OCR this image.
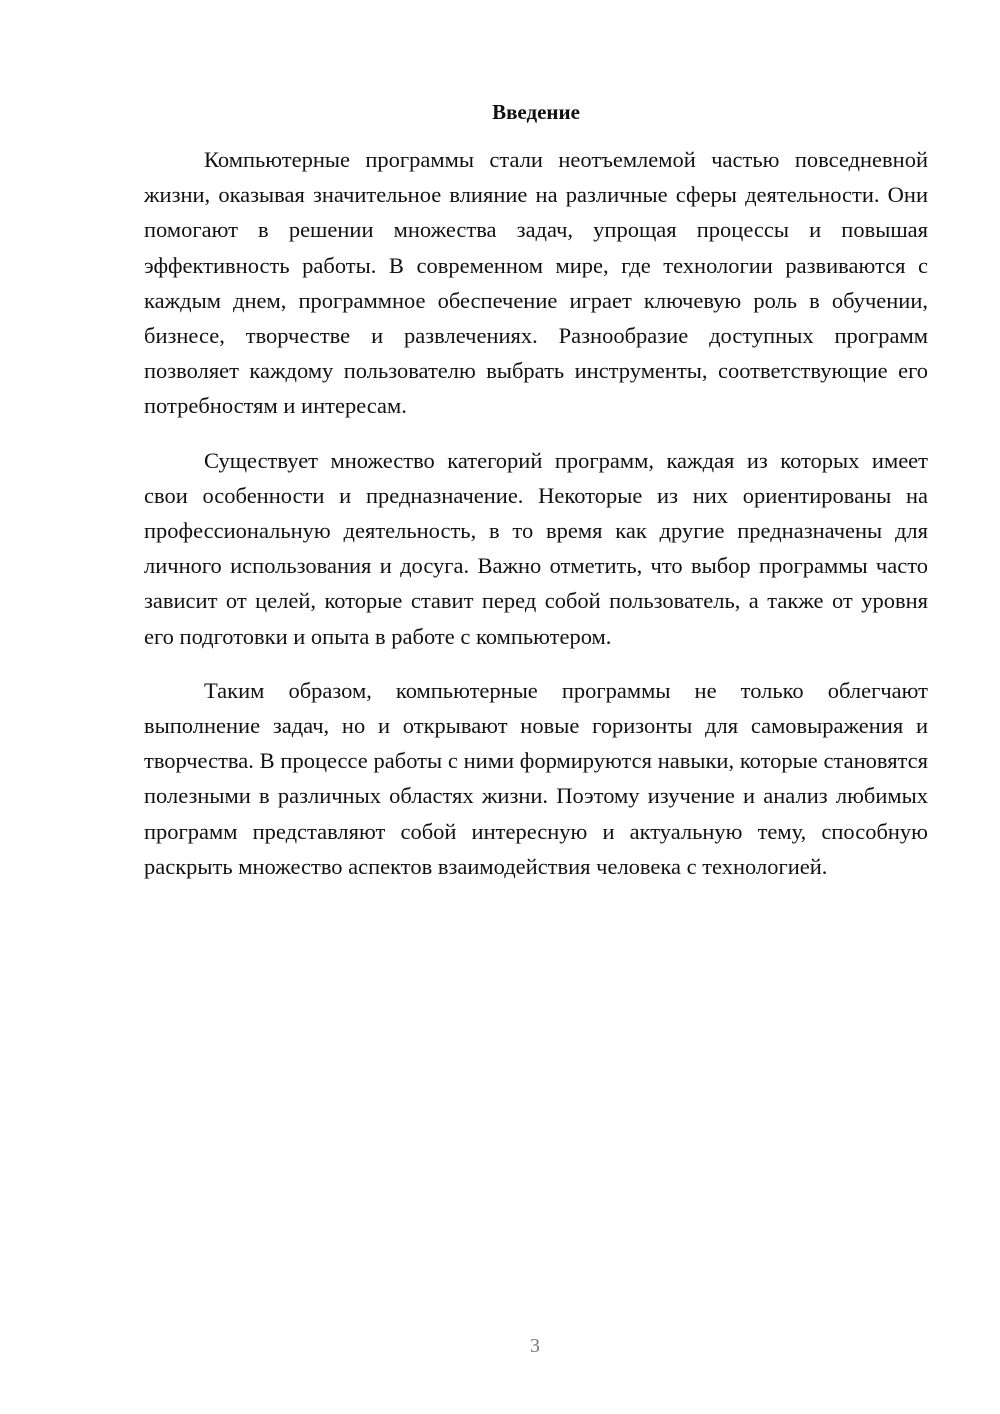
Введение

Компьютерные программы стали неотъемлемой частью повседневной жизни, оказывая значительное влияние на различные сферы деятельности. Они помогают в решении множества задач, упрощая процессы и повышая эффективность работы. В современном мире, где технологии развиваются с каждым днем, программное обеспечение играет ключевую роль в обучении, бизнесе, творчестве и развлечениях. Разнообразие доступных программ позволяет каждому пользователю выбрать инструменты, соответствующие его потребностям и интересам.

Существует множество категорий программ, каждая из которых имеет свои особенности и предназначение. Некоторые из них ориентированы на профессиональную деятельность, в то время как другие предназначены для личного использования и досуга. Важно отметить, что выбор программы часто зависит от целей, которые ставит перед собой пользователь, а также от уровня его подготовки и опыта в работе с компьютером.

Таким образом, компьютерные программы не только облегчают выполнение задач, но и открывают новые горизонты для самовыражения и творчества. В процессе работы с ними формируются навыки, которые становятся полезными в различных областях жизни. Поэтому изучение и анализ любимых программ представляют собой интересную и актуальную тему, способную раскрыть множество аспектов взаимодействия человека с технологией.

3
